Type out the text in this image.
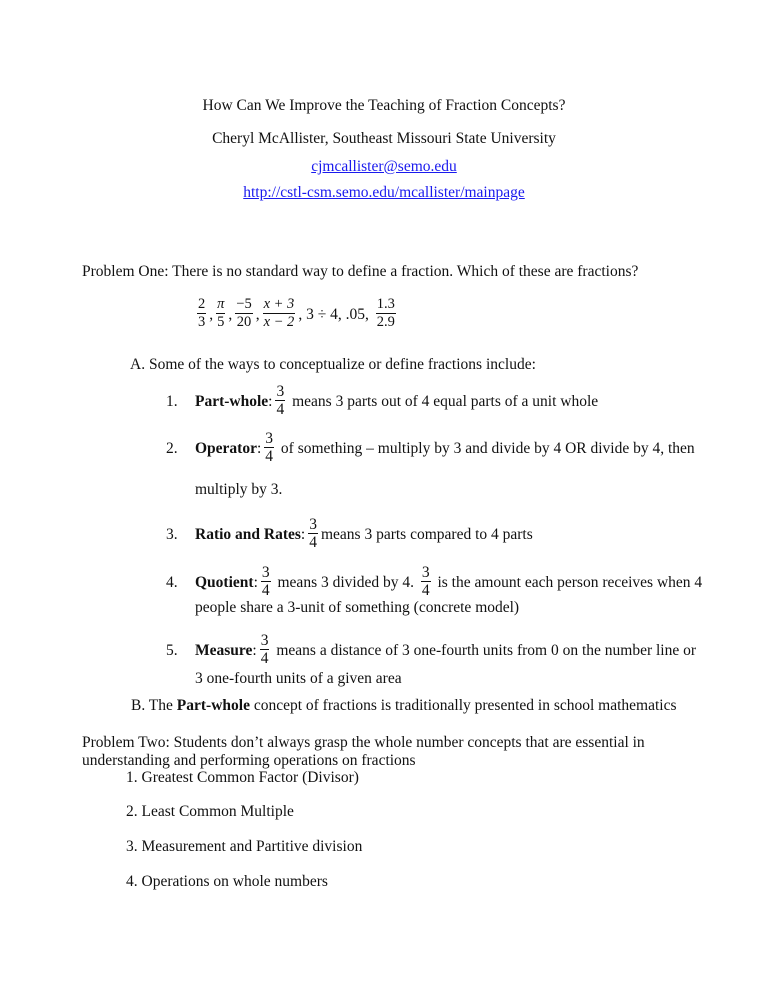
How Can We Improve the Teaching of Fraction Concepts?
Cheryl McAllister, Southeast Missouri State University
cjmcallister@semo.edu
http://cstl-csm.semo.edu/mcallister/mainpage
Problem One: There is no standard way to define a fraction. Which of these are fractions?
$\frac{2}{3}$ , $\frac{\pi}{5}$ , $\frac{-5}{20}$ , $\frac{x + 3}{x - 2}$ , 3 ÷ 4 , .05 , $\frac{1.3}{2.9}$
A. Some of the ways to conceptualize or define fractions include:
1.	Part-whole : $\frac{3}{4}$
means 3 parts out of 4 equal parts of a unit whole
2.	Operator : $\frac{3}{4}$
of something – multiply by 3 and divide by 4 OR divide by 4, then
multiply by 3.
3.	Ratio and Rates : $\frac{3}{4}$ means 3 parts compared to 4 parts
4.	Quotient : $\frac{3}{4}$
means 3 divided by 4.
$\frac{3}{4}$
is the amount each person receives when 4
people share a 3-unit of something (concrete model)
5.	Measure : $\frac{3}{4}$
means a distance of 3 one-fourth units from 0 on the number line or
3 one-fourth units of a given area
B. The Part-whole concept of fractions is traditionally presented in school mathematics
Problem Two: Students don’t always grasp the whole number concepts that are essential in
understanding and performing operations on fractions
1. Greatest Common Factor (Divisor)
2. Least Common Multiple
3. Measurement and Partitive division
4. Operations on whole numbers
